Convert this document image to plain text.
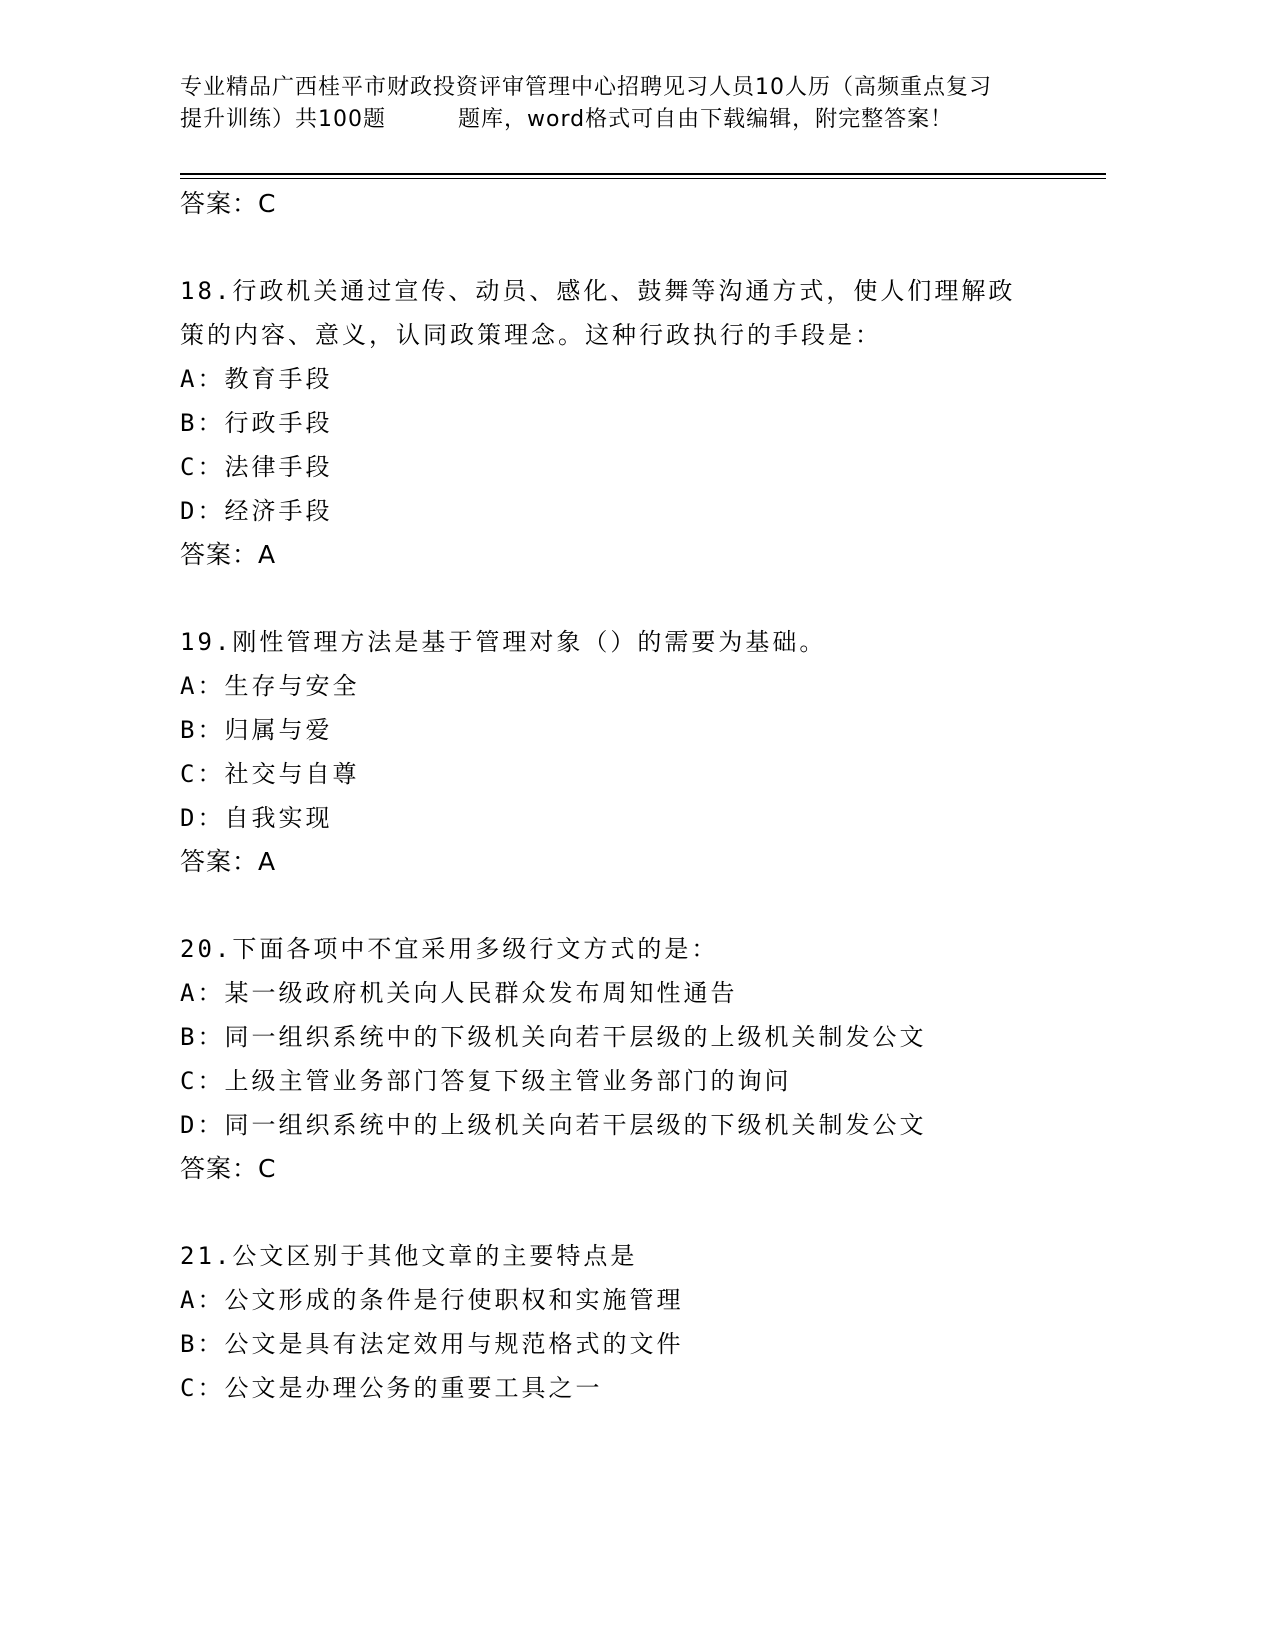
专业精品广西桂平市财政投资评审管理中心招聘见习人员10人历（高频重点复习
提升训练）共100题	题库，word格式可自由下载编辑，附完整答案！
答案：C
18.行政机关通过宣传、动员、感化、鼓舞等沟通方式，使人们理解政
策的内容、意义，认同政策理念。这种行政执行的手段是：
A：教育手段
B：行政手段
C：法律手段
D：经济手段
答案：A
19.刚性管理方法是基于管理对象（）的需要为基础。
A：生存与安全
B：归属与爱
C：社交与自尊
D：自我实现
答案：A
20.下面各项中不宜采用多级行文方式的是：
A：某一级政府机关向人民群众发布周知性通告
B：同一组织系统中的下级机关向若干层级的上级机关制发公文
C：上级主管业务部门答复下级主管业务部门的询问
D：同一组织系统中的上级机关向若干层级的下级机关制发公文
答案：C
21.公文区别于其他文章的主要特点是
A：公文形成的条件是行使职权和实施管理
B：公文是具有法定效用与规范格式的文件
C：公文是办理公务的重要工具之一
